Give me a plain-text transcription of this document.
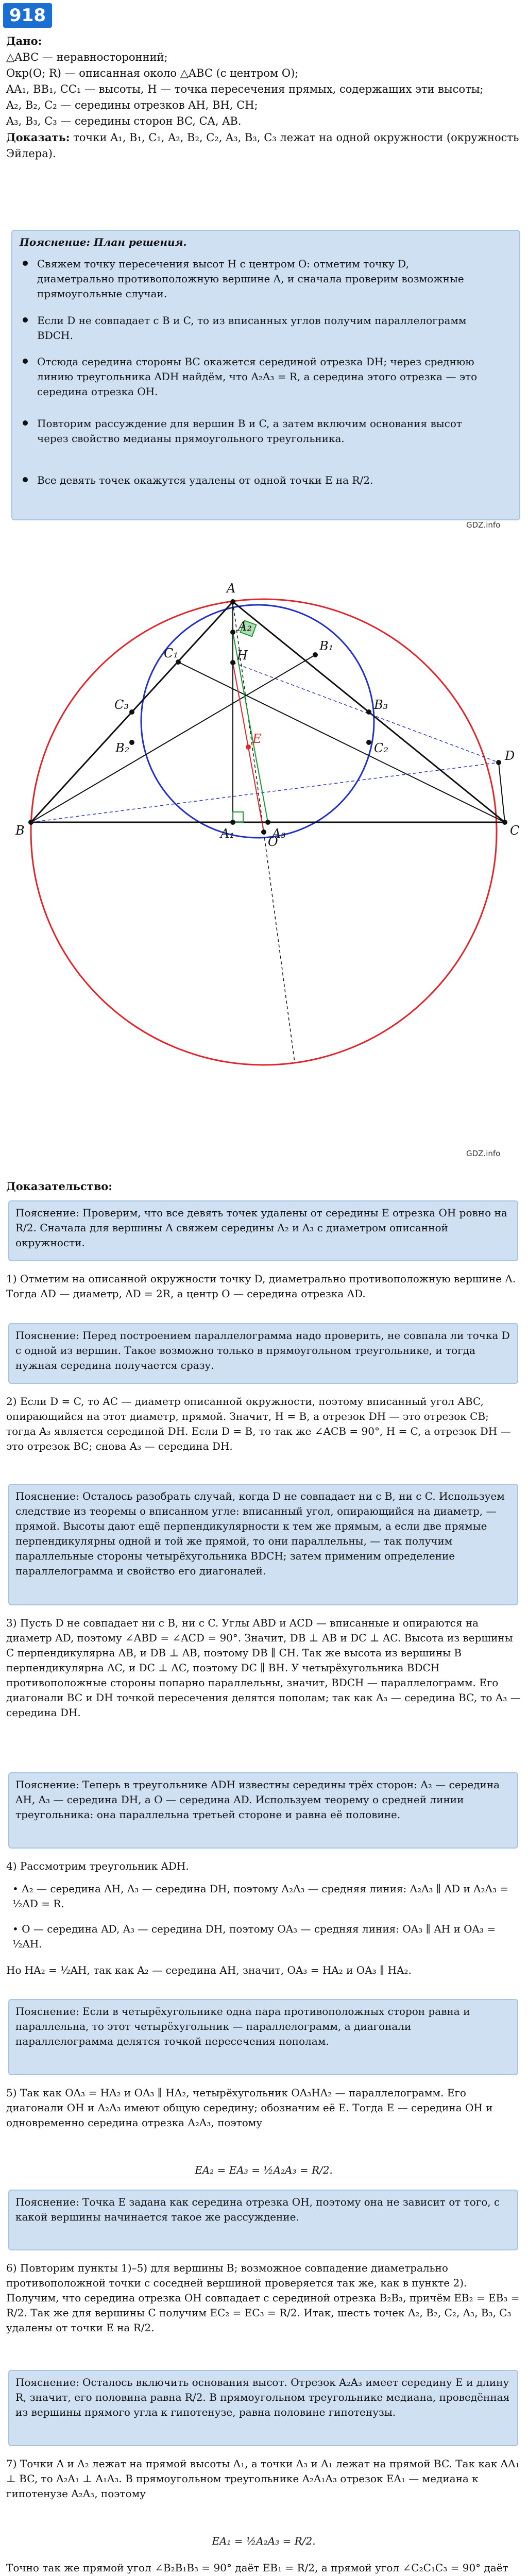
918

Дано:

△ABC — неравносторонний;

Окр(O; R) — описанная около △ABC (с центром O);

AA₁, BB₁, CC₁ — высоты, H — точка пересечения прямых, содержащих эти высоты;

A₂, B₂, C₂ — середины отрезков AH, BH, CH;

A₃, B₃, C₃ — середины сторон BC, CA, AB.

Доказать: точки A₁, B₁, C₁, A₂, B₂, C₂, A₃, B₃, C₃ лежат на одной окружности (окружность Эйлера).

Пояснение: План решения.
Свяжем точку пересечения высот H с центром O: отметим точку D, диаметрально противоположную вершине A, и сначала проверим возможные прямоугольные случаи.
Если D не совпадает с B и C, то из вписанных углов получим параллелограмм BDCH.
Отсюда середина стороны BC окажется серединой отрезка DH; через среднюю линию треугольника ADH найдём, что A₂A₃ = R, а середина этого отрезка — это середина отрезка OH.
Повторим рассуждение для вершин B и C, а затем включим основания высот через свойство медианы прямоугольного треугольника.
Все девять точек окажутся удалены от одной точки E на R/2.
GDZ.info
A
B	C
D
O
H
E
A₁
B₁
C₁
A₂
B₂	C₂
A₃
B₃
C₃
GDZ.info
Доказательство:
Пояснение: Проверим, что все девять точек удалены от середины E отрезка OH ровно на R/2. Сначала для вершины A свяжем середины A₂ и A₃ с диаметром описанной окружности.
1) Отметим на описанной окружности точку D, диаметрально противоположную вершине A. Тогда AD — диаметр, AD = 2R, а центр O — середина отрезка AD.
Пояснение: Перед построением параллелограмма надо проверить, не совпала ли точка D с одной из вершин. Такое возможно только в прямоугольном треугольнике, и тогда нужная середина получается сразу.
2) Если D = C, то AC — диаметр описанной окружности, поэтому вписанный угол ABC, опирающийся на этот диаметр, прямой. Значит, H = B, а отрезок DH — это отрезок CB; тогда A₃ является серединой DH. Если D = B, то так же ∠ACB = 90°, H = C, а отрезок DH — это отрезок BC; снова A₃ — середина DH.
Пояснение: Осталось разобрать случай, когда D не совпадает ни с B, ни с C. Используем следствие из теоремы о вписанном угле: вписанный угол, опирающийся на диаметр, — прямой. Высоты дают ещё перпендикулярности к тем же прямым, а если две прямые перпендикулярны одной и той же прямой, то они параллельны, — так получим параллельные стороны четырёхугольника BDCH; затем применим определение параллелограмма и свойство его диагоналей.
3) Пусть D не совпадает ни с B, ни с C. Углы ABD и ACD — вписанные и опираются на диаметр AD, поэтому ∠ABD = ∠ACD = 90°. Значит, DB ⊥ AB и DC ⊥ AC. Высота из вершины C перпендикулярна AB, и DB ⊥ AB, поэтому DB ∥ CH. Так же высота из вершины B перпендикулярна AC, и DC ⊥ AC, поэтому DC ∥ BH. У четырёхугольника BDCH противоположные стороны попарно параллельны, значит, BDCH — параллелограмм. Его диагонали BC и DH точкой пересечения делятся пополам; так как A₃ — середина BC, то A₃ — середина DH.
Пояснение: Теперь в треугольнике ADH известны середины трёх сторон: A₂ — середина AH, A₃ — середина DH, а O — середина AD. Используем теорему о средней линии треугольника: она параллельна третьей стороне и равна её половине.
4) Рассмотрим треугольник ADH.
• A₂ — середина AH, A₃ — середина DH, поэтому A₂A₃ — средняя линия: A₂A₃ ∥ AD и A₂A₃ = ½AD = R.
• O — середина AD, A₃ — середина DH, поэтому OA₃ — средняя линия: OA₃ ∥ AH и OA₃ = ½AH.
Но HA₂ = ½AH, так как A₂ — середина AH, значит, OA₃ = HA₂ и OA₃ ∥ HA₂.
Пояснение: Если в четырёхугольнике одна пара противоположных сторон равна и параллельна, то этот четырёхугольник — параллелограмм, а диагонали параллелограмма делятся точкой пересечения пополам.
5) Так как OA₃ = HA₂ и OA₃ ∥ HA₂, четырёхугольник OA₃HA₂ — параллелограмм. Его диагонали OH и A₂A₃ имеют общую середину; обозначим её E. Тогда E — середина OH и одновременно середина отрезка A₂A₃, поэтому
EA₂ = EA₃ = ½A₂A₃ = R/2.
Пояснение: Точка E задана как середина отрезка OH, поэтому она не зависит от того, с какой вершины начинается такое же рассуждение.
6) Повторим пункты 1)–5) для вершины B; возможное совпадение диаметрально противоположной точки с соседней вершиной проверяется так же, как в пункте 2). Получим, что середина отрезка OH совпадает с серединой отрезка B₂B₃, причём EB₂ = EB₃ = R/2. Так же для вершины C получим EC₂ = EC₃ = R/2. Итак, шесть точек A₂, B₂, C₂, A₃, B₃, C₃ удалены от точки E на R/2.
Пояснение: Осталось включить основания высот. Отрезок A₂A₃ имеет середину E и длину R, значит, его половина равна R/2. В прямоугольном треугольнике медиана, проведённая из вершины прямого угла к гипотенузе, равна половине гипотенузы.
7) Точки A и A₂ лежат на прямой высоты A₁, а точки A₃ и A₁ лежат на прямой BC. Так как AA₁ ⊥ BC, то A₂A₁ ⊥ A₁A₃. В прямоугольном треугольнике A₂A₁A₃ отрезок EA₁ — медиана к гипотенузе A₂A₃, поэтому
EA₁ = ½A₂A₃ = R/2.
Точно так же прямой угол ∠B₂B₁B₃ = 90° даёт EB₁ = R/2, а прямой угол ∠C₂C₁C₃ = 90° даёт
